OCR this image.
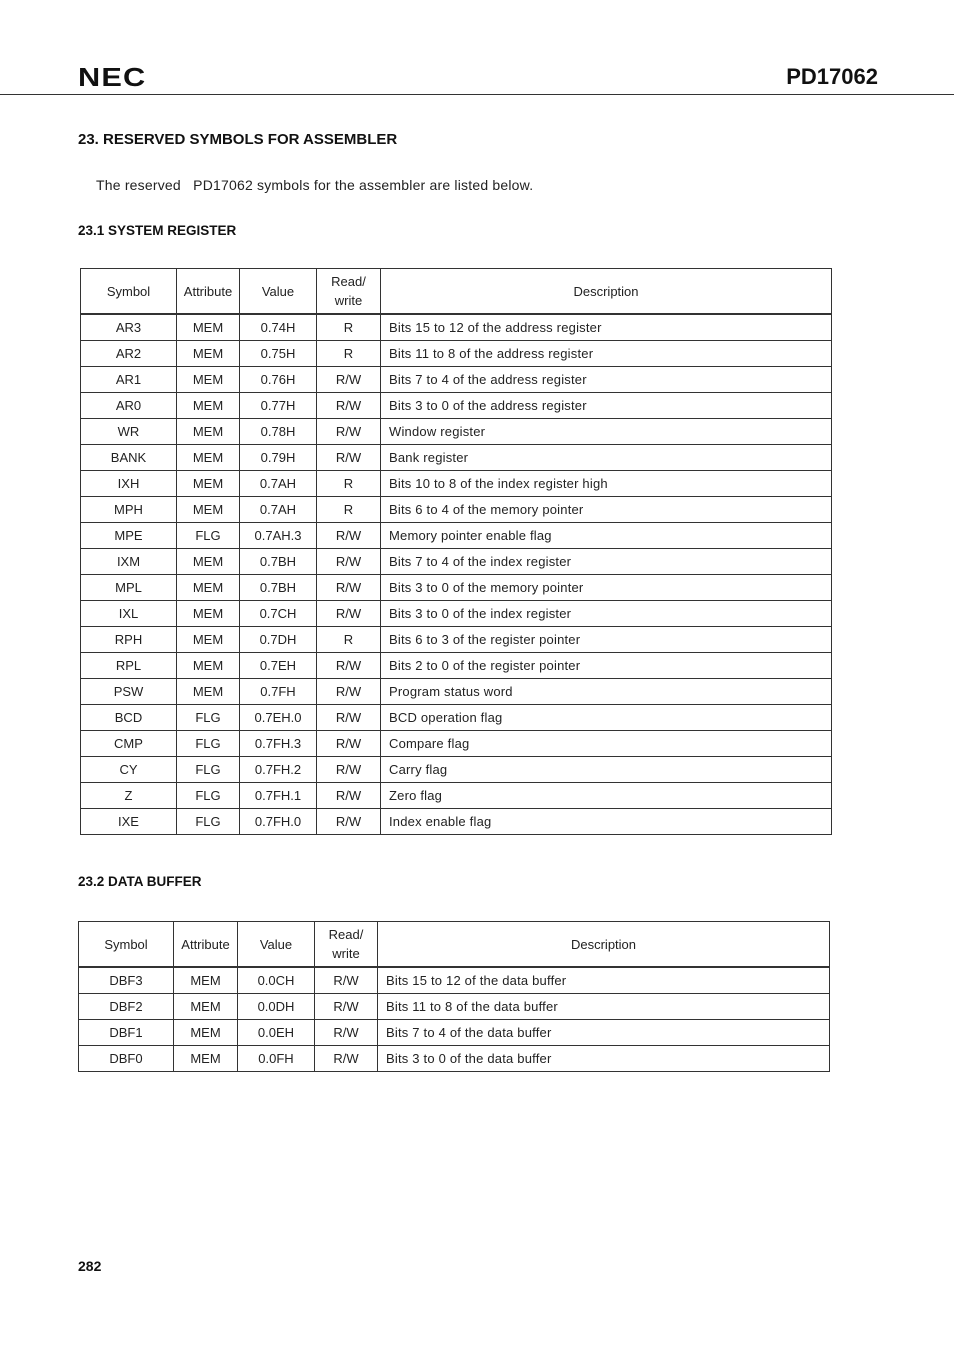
NEC	PD17062
23. RESERVED SYMBOLS FOR ASSEMBLER
The reserved   PD17062 symbols for the assembler are listed below.
23.1 SYSTEM REGISTER
Symbol	Attribute	Value	Read/
write	Description
AR3	MEM	0.74H	R	Bits 15 to 12 of the address register
AR2	MEM	0.75H	R	Bits 11 to 8 of the address register
AR1	MEM	0.76H	R/W	Bits 7 to 4 of the address register
AR0	MEM	0.77H	R/W	Bits 3 to 0 of the address register
WR	MEM	0.78H	R/W	Window register
BANK	MEM	0.79H	R/W	Bank register
IXH	MEM	0.7AH	R	Bits 10 to 8 of the index register high
MPH	MEM	0.7AH	R	Bits 6 to 4 of the memory pointer
MPE	FLG	0.7AH.3	R/W	Memory pointer enable flag
IXM	MEM	0.7BH	R/W	Bits 7 to 4 of the index register
MPL	MEM	0.7BH	R/W	Bits 3 to 0 of the memory pointer
IXL	MEM	0.7CH	R/W	Bits 3 to 0 of the index register
RPH	MEM	0.7DH	R	Bits 6 to 3 of the register pointer
RPL	MEM	0.7EH	R/W	Bits 2 to 0 of the register pointer
PSW	MEM	0.7FH	R/W	Program status word
BCD	FLG	0.7EH.0	R/W	BCD operation flag
CMP	FLG	0.7FH.3	R/W	Compare flag
CY	FLG	0.7FH.2	R/W	Carry flag
Z	FLG	0.7FH.1	R/W	Zero flag
IXE	FLG	0.7FH.0	R/W	Index enable flag
23.2 DATA BUFFER
Symbol	Attribute	Value	Read/
write	Description
DBF3	MEM	0.0CH	R/W	Bits 15 to 12 of the data buffer
DBF2	MEM	0.0DH	R/W	Bits 11 to 8 of the data buffer
DBF1	MEM	0.0EH	R/W	Bits 7 to 4 of the data buffer
DBF0	MEM	0.0FH	R/W	Bits 3 to 0 of the data buffer
282
